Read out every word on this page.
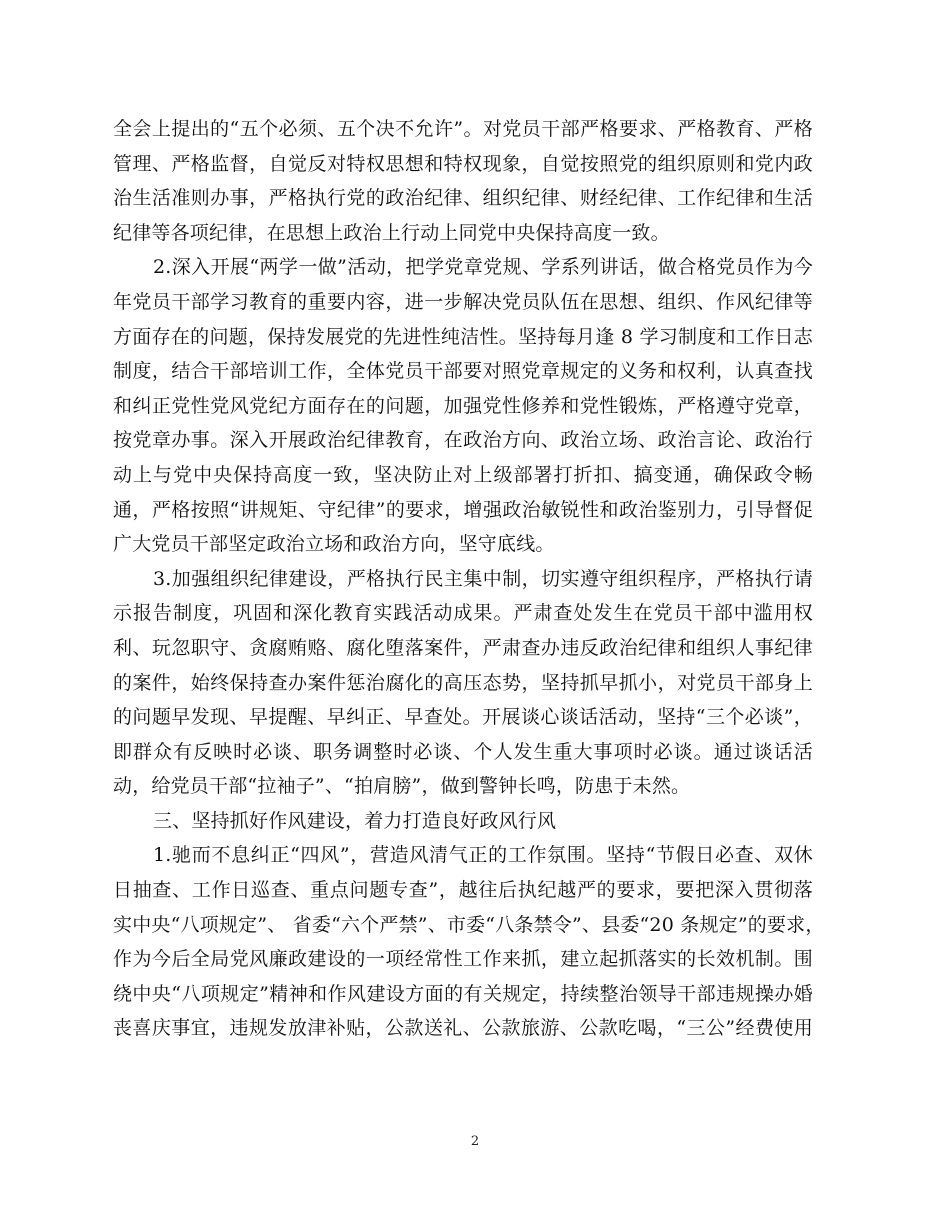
全会上提出的“五个必须、五个决不允许”。对党员干部严格要求、严格教育、严格
管理、严格监督，自觉反对特权思想和特权现象，自觉按照党的组织原则和党内政
治生活准则办事，严格执行党的政治纪律、组织纪律、财经纪律、工作纪律和生活
纪律等各项纪律，在思想上政治上行动上同党中央保持高度一致。
2.深入开展“两学一做”活动，把学党章党规、学系列讲话，做合格党员作为今
年党员干部学习教育的重要内容，进一步解决党员队伍在思想、组织、作风纪律等
方面存在的问题，保持发展党的先进性纯洁性。坚持每月逢 8 学习制度和工作日志
制度，结合干部培训工作，全体党员干部要对照党章规定的义务和权利，认真查找
和纠正党性党风党纪方面存在的问题，加强党性修养和党性锻炼，严格遵守党章，
按党章办事。深入开展政治纪律教育，在政治方向、政治立场、政治言论、政治行
动上与党中央保持高度一致，坚决防止对上级部署打折扣、搞变通，确保政令畅
通，严格按照“讲规矩、守纪律”的要求，增强政治敏锐性和政治鉴别力，引导督促
广大党员干部坚定政治立场和政治方向，坚守底线。
3.加强组织纪律建设，严格执行民主集中制，切实遵守组织程序，严格执行请
示报告制度，巩固和深化教育实践活动成果。严肃查处发生在党员干部中滥用权
利、玩忽职守、贪腐贿赂、腐化堕落案件，严肃查办违反政治纪律和组织人事纪律
的案件，始终保持查办案件惩治腐化的高压态势，坚持抓早抓小，对党员干部身上
的问题早发现、早提醒、早纠正、早查处。开展谈心谈话活动，坚持“三个必谈”，
即群众有反映时必谈、职务调整时必谈、个人发生重大事项时必谈。通过谈话活
动，给党员干部“拉袖子”、“拍肩膀”，做到警钟长鸣，防患于未然。
三、坚持抓好作风建设，着力打造良好政风行风
1.驰而不息纠正“四风”，营造风清气正的工作氛围。坚持“节假日必查、双休
日抽查、工作日巡查、重点问题专查”，越往后执纪越严的要求，要把深入贯彻落
实中央“八项规定”、 省委“六个严禁”、市委“八条禁令”、县委“20 条规定”的要求，
作为今后全局党风廉政建设的一项经常性工作来抓，建立起抓落实的长效机制。围
绕中央“八项规定”精神和作风建设方面的有关规定，持续整治领导干部违规操办婚
丧喜庆事宜，违规发放津补贴，公款送礼、公款旅游、公款吃喝，“三公”经费使用
2
